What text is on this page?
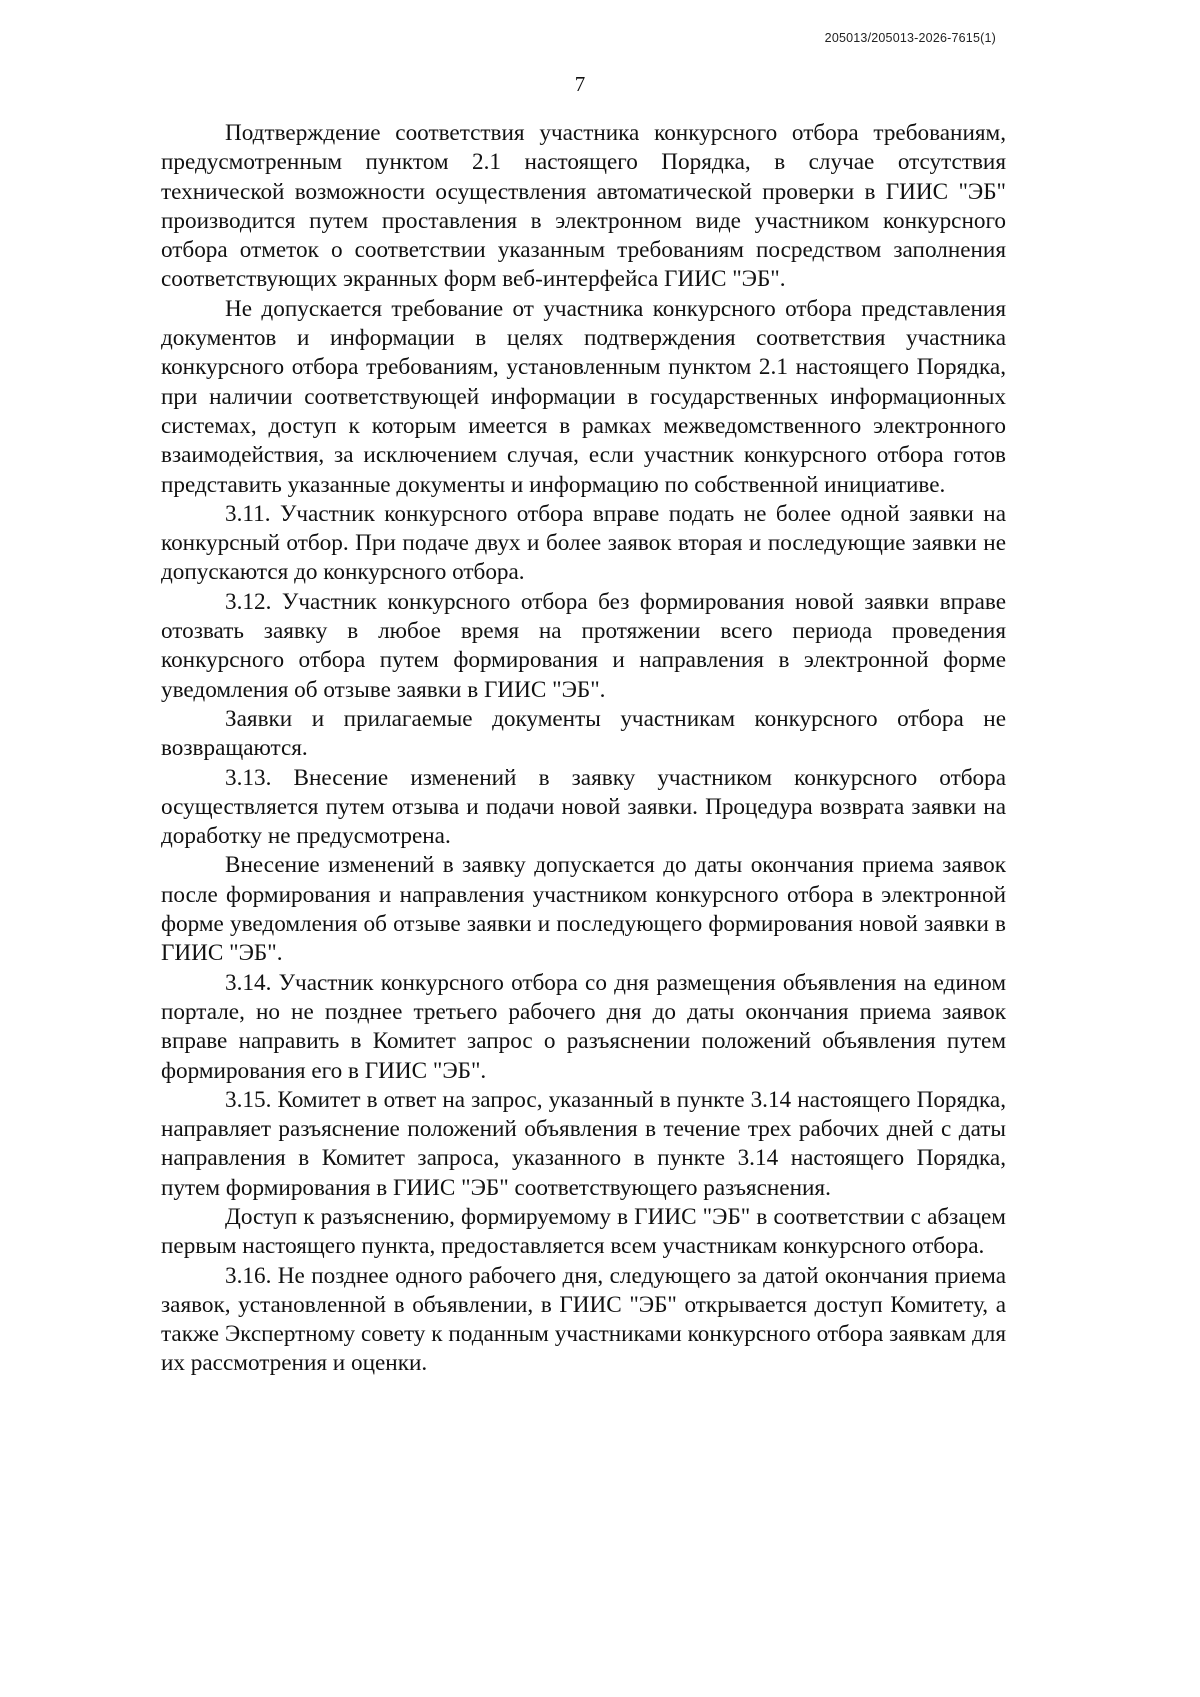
205013/205013-2026-7615(1)
7

Подтверждение соответствия участника конкурсного отбора требованиям, предусмотренным пунктом 2.1 настоящего Порядка, в случае отсутствия технической возможности осуществления автоматической проверки в ГИИС "ЭБ" производится путем проставления в электронном виде участником конкурсного отбора отметок о соответствии указанным требованиям посредством заполнения соответствующих экранных форм веб-интерфейса ГИИС "ЭБ".

Не допускается требование от участника конкурсного отбора представления документов и информации в целях подтверждения соответствия участника конкурсного отбора требованиям, установленным пунктом 2.1 настоящего Порядка, при наличии соответствующей информации в государственных информационных системах, доступ к которым имеется в рамках межведомственного электронного взаимодействия, за исключением случая, если участник конкурсного отбора готов представить указанные документы и информацию по собственной инициативе.

3.11. Участник конкурсного отбора вправе подать не более одной заявки на конкурсный отбор. При подаче двух и более заявок вторая и последующие заявки не допускаются до конкурсного отбора.

3.12. Участник конкурсного отбора без формирования новой заявки вправе отозвать заявку в любое время на протяжении всего периода проведения конкурсного отбора путем формирования и направления в электронной форме уведомления об отзыве заявки в ГИИС "ЭБ".

Заявки и прилагаемые документы участникам конкурсного отбора не возвращаются.

3.13. Внесение изменений в заявку участником конкурсного отбора осуществляется путем отзыва и подачи новой заявки. Процедура возврата заявки на доработку не предусмотрена.

Внесение изменений в заявку допускается до даты окончания приема заявок после формирования и направления участником конкурсного отбора в электронной форме уведомления об отзыве заявки и последующего формирования новой заявки в ГИИС "ЭБ".

3.14. Участник конкурсного отбора со дня размещения объявления на едином портале, но не позднее третьего рабочего дня до даты окончания приема заявок вправе направить в Комитет запрос о разъяснении положений объявления путем формирования его в ГИИС "ЭБ".

3.15. Комитет в ответ на запрос, указанный в пункте 3.14 настоящего Порядка, направляет разъяснение положений объявления в течение трех рабочих дней с даты направления в Комитет запроса, указанного в пункте 3.14 настоящего Порядка, путем формирования в ГИИС "ЭБ" соответствующего разъяснения.

Доступ к разъяснению, формируемому в ГИИС "ЭБ" в соответствии с абзацем первым настоящего пункта, предоставляется всем участникам конкурсного отбора.

3.16. Не позднее одного рабочего дня, следующего за датой окончания приема заявок, установленной в объявлении, в ГИИС "ЭБ" открывается доступ Комитету, а также Экспертному совету к поданным участниками конкурсного отбора заявкам для их рассмотрения и оценки.
